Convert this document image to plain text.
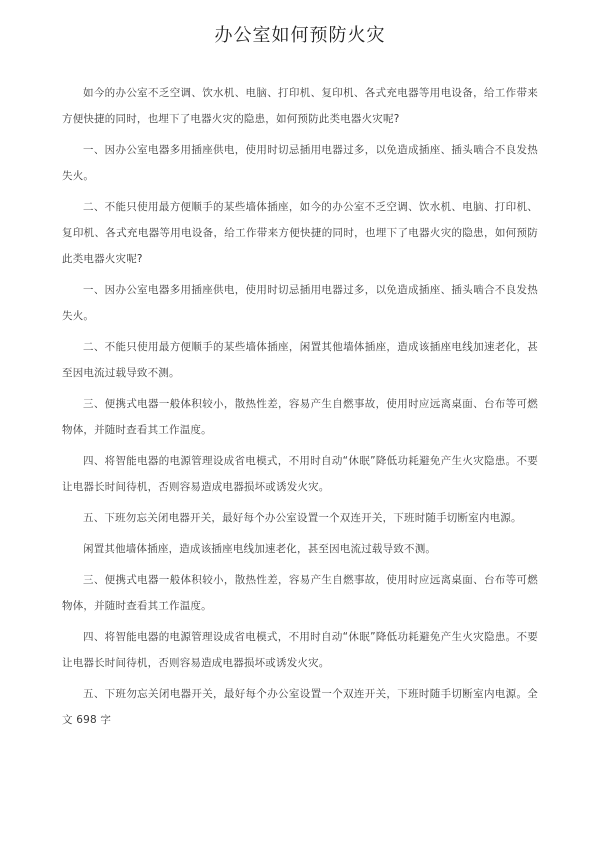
办公室如何预防火灾

如今的办公室不乏空调、饮水机、电脑、打印机、复印机、各式充电器等用电设备，给工作带来方便快捷的同时，也埋下了电器火灾的隐患，如何预防此类电器火灾呢?

一、因办公室电器多用插座供电，使用时切忌插用电器过多，以免造成插座、插头啮合不良发热失火。

二、不能只使用最方便顺手的某些墙体插座，如今的办公室不乏空调、饮水机、电脑、打印机、复印机、各式充电器等用电设备，给工作带来方便快捷的同时，也埋下了电器火灾的隐患，如何预防此类电器火灾呢?

一、因办公室电器多用插座供电，使用时切忌插用电器过多，以免造成插座、插头啮合不良发热失火。

二、不能只使用最方便顺手的某些墙体插座，闲置其他墙体插座，造成该插座电线加速老化，甚至因电流过载导致不测。

三、便携式电器一般体积较小，散热性差，容易产生自燃事故，使用时应远离桌面、台布等可燃物体，并随时查看其工作温度。

四、将智能电器的电源管理设成省电模式，不用时自动“休眠”降低功耗避免产生火灾隐患。不要让电器长时间待机，否则容易造成电器损坏或诱发火灾。

五、下班勿忘关闭电器开关，最好每个办公室设置一个双连开关，下班时随手切断室内电源。

闲置其他墙体插座，造成该插座电线加速老化，甚至因电流过载导致不测。

三、便携式电器一般体积较小，散热性差，容易产生自燃事故，使用时应远离桌面、台布等可燃物体，并随时查看其工作温度。

四、将智能电器的电源管理设成省电模式，不用时自动“休眠”降低功耗避免产生火灾隐患。不要让电器长时间待机，否则容易造成电器损坏或诱发火灾。

五、下班勿忘关闭电器开关，最好每个办公室设置一个双连开关，下班时随手切断室内电源。全文 698 字
